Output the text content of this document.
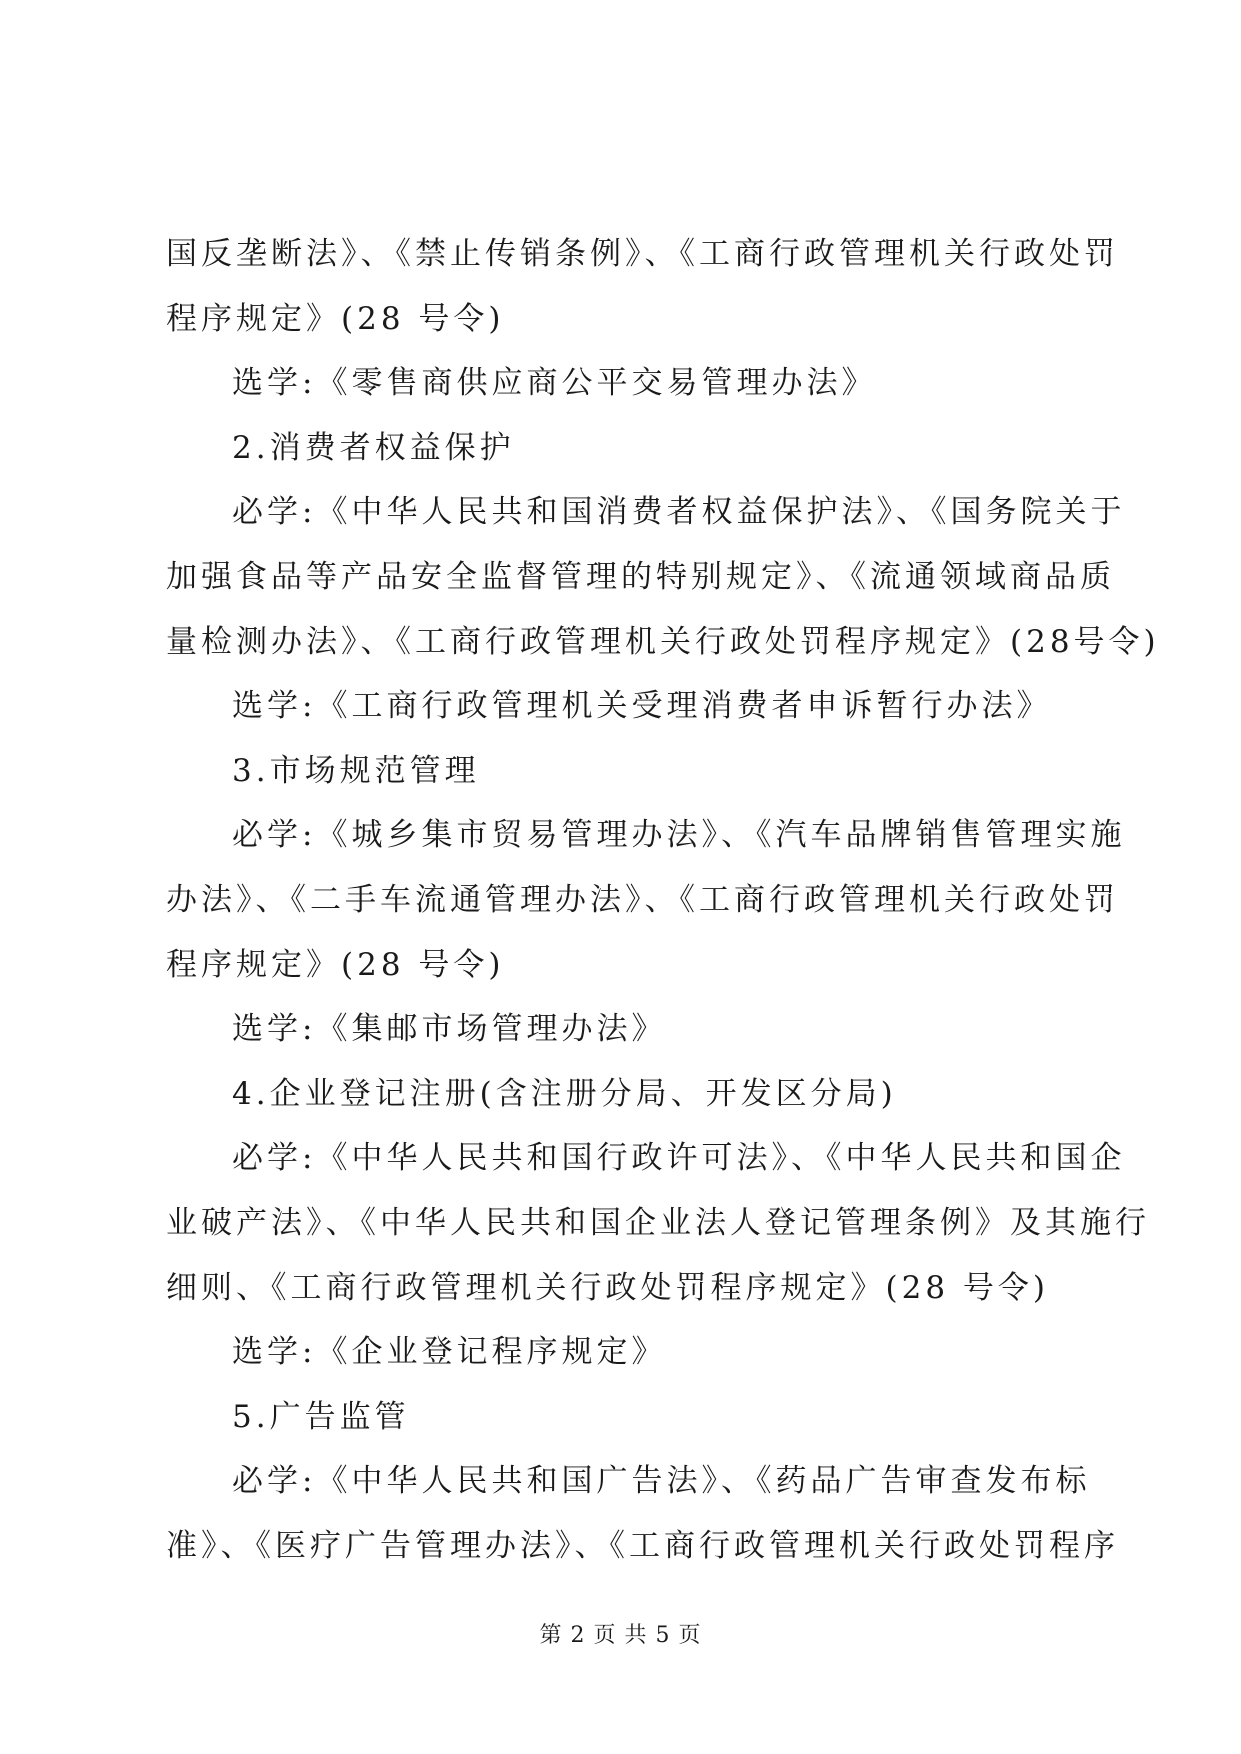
国反垄断法》、《禁止传销条例》、《工商行政管理机关行政处罚
程序规定》(28 号令)
选学:《零售商供应商公平交易管理办法》
2.消费者权益保护
必学:《中华人民共和国消费者权益保护法》、《国务院关于
加强食品等产品安全监督管理的特别规定》、《流通领域商品质
量检测办法》、《工商行政管理机关行政处罚程序规定》(28号令)
选学:《工商行政管理机关受理消费者申诉暂行办法》
3.市场规范管理
必学:《城乡集市贸易管理办法》、《汽车品牌销售管理实施
办法》、《二手车流通管理办法》、《工商行政管理机关行政处罚
程序规定》(28 号令)
选学:《集邮市场管理办法》
4.企业登记注册(含注册分局、开发区分局)
必学:《中华人民共和国行政许可法》、《中华人民共和国企
业破产法》、《中华人民共和国企业法人登记管理条例》及其施行
细则、《工商行政管理机关行政处罚程序规定》(28 号令)
选学:《企业登记程序规定》
5.广告监管
必学:《中华人民共和国广告法》、《药品广告审查发布标
准》、《医疗广告管理办法》、《工商行政管理机关行政处罚程序
第 2 页 共 5 页
